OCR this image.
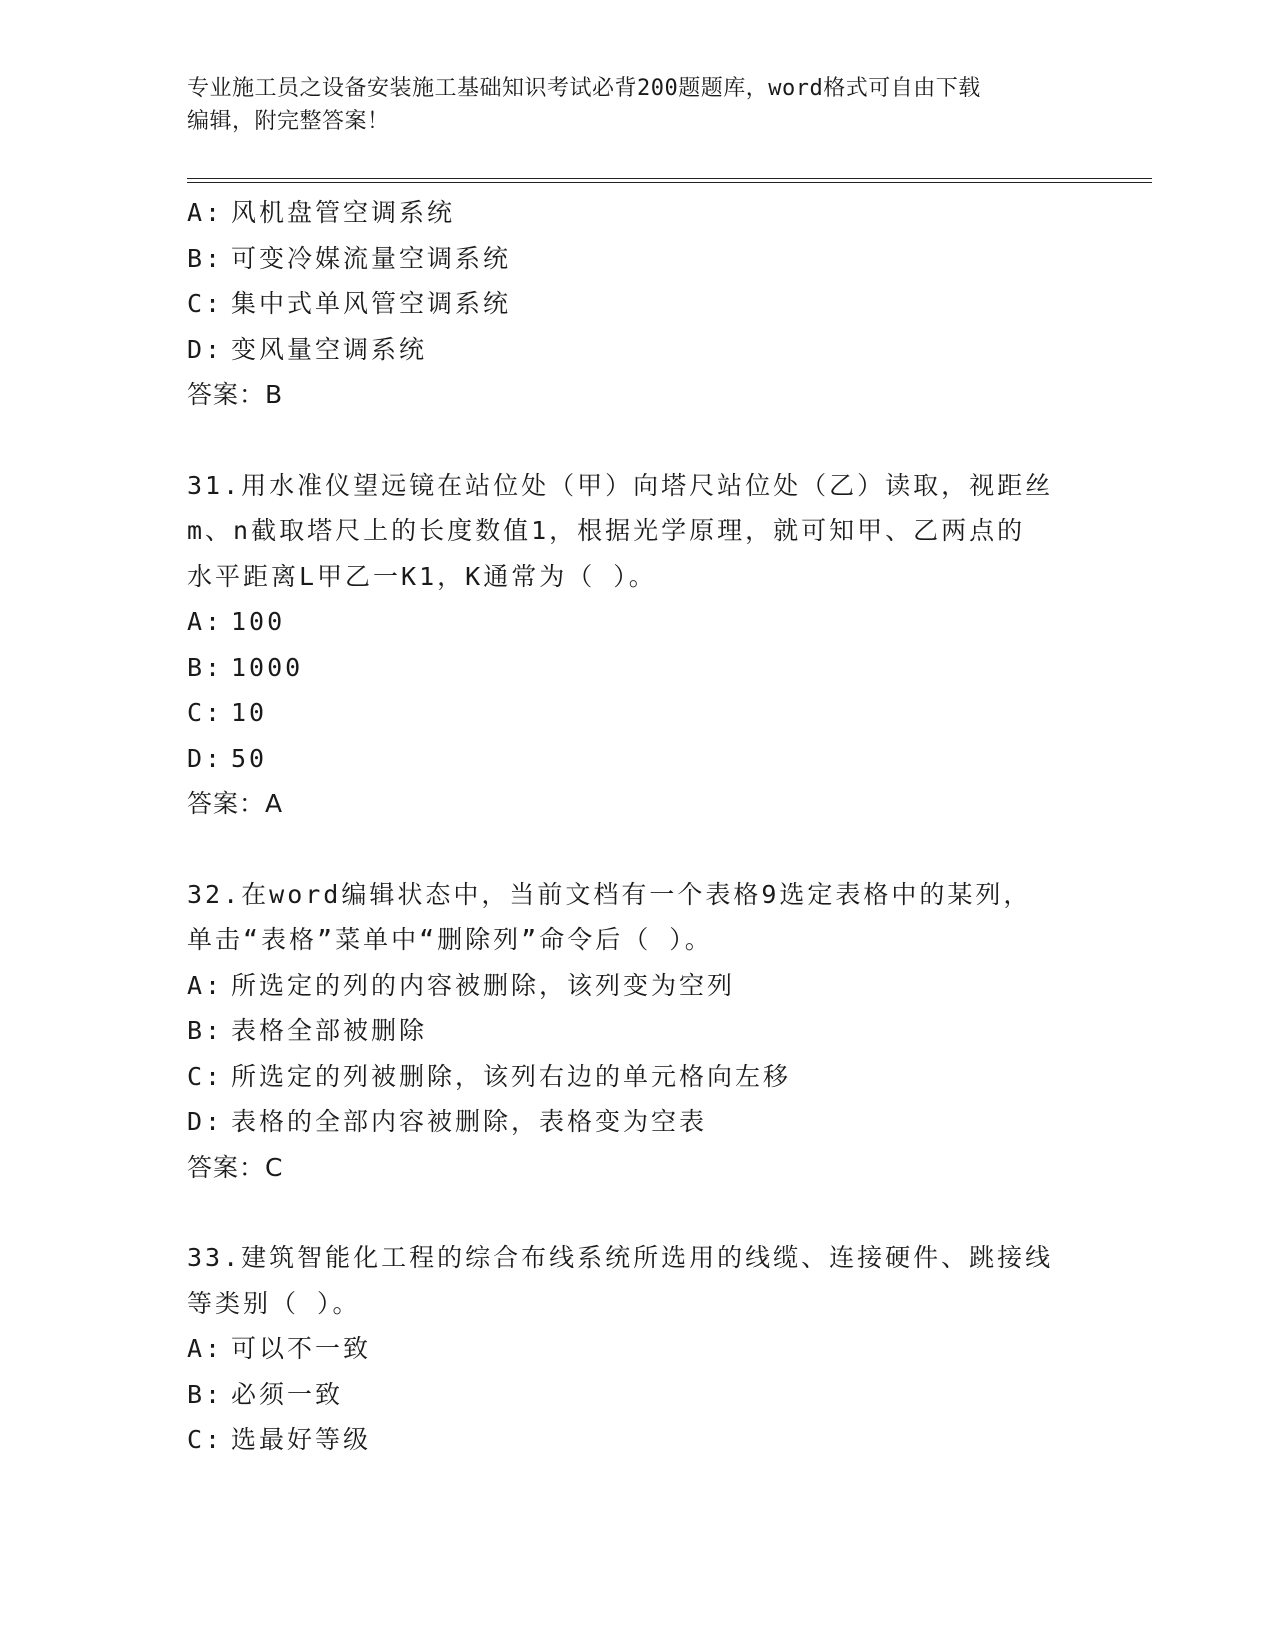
专业施工员之设备安装施工基础知识考试必背200题题库，word格式可自由下载
编辑，附完整答案！
A: 风机盘管空调系统
B: 可变冷媒流量空调系统
C: 集中式单风管空调系统
D: 变风量空调系统
答案：B
31.用水准仪望远镜在站位处（甲）向塔尺站位处（乙）读取，视距丝
m、n截取塔尺上的长度数值1，根据光学原理，就可知甲、乙两点的
水平距离L甲乙一K1，K通常为（ ）。
A: 100
B: 1000
C: 10
D: 50
答案：A
32.在word编辑状态中，当前文档有一个表格9选定表格中的某列，
单击“表格”菜单中“删除列”命令后（ ）。
A: 所选定的列的内容被删除，该列变为空列
B: 表格全部被删除
C: 所选定的列被删除，该列右边的单元格向左移
D: 表格的全部内容被删除，表格变为空表
答案：C
33.建筑智能化工程的综合布线系统所选用的线缆、连接硬件、跳接线
等类别（ ）。
A: 可以不一致
B: 必须一致
C: 选最好等级
